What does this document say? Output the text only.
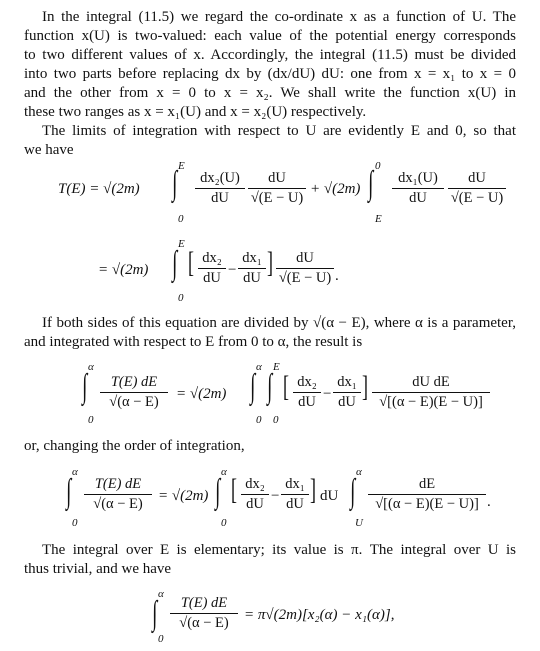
In the integral (11.5) we regard the co-ordinate x as a function of U. The
function x(U) is two-valued: each value of the potential energy corresponds
to two different values of x. Accordingly, the integral (11.5) must be divided
into two parts before replacing dx by (dx/dU) dU: one from x = x₁ to x = 0
and the other from x = 0 to x = x₂. We shall write the function x(U) in
these two ranges as x = x₁(U) and x = x₂(U) respectively.
The limits of integration with respect to U are evidently E and 0, so that
we have
T(E) = √(2m)
E
∫
0
dx₂(U)
dU
dU
√(E − U)
+ √(2m)
0
∫
E
dx₁(U)
dU
dU
√(E − U)
= √(2m)
E
∫
0
[ dx₂
dU −
dx₁
dU ]	dU
√(E − U) .
If both sides of this equation are divided by √(α − E), where α is a parameter,
and integrated with respect to E from 0 to α, the result is
α
∫
0
T(E) dE
√(α − E)	= √(2m)
α
∫
0
E
∫
0
[ dx₂
dU −
dx₁
dU ]	dU dE
√[(α − E)(E − U)]
or, changing the order of integration,
α
∫
0
T(E) dE
√(α − E)	= √(2m)
α
∫
0
[ dx₂
dU −
dx₁
dU ] dU
α
∫
U
dE
√[(α − E)(E − U)] .
The integral over E is elementary; its value is π. The integral over U is
thus trivial, and we have
α
∫
0
T(E) dE
√(α − E)	= π√(2m)[x₂(α) − x₁(α)],
